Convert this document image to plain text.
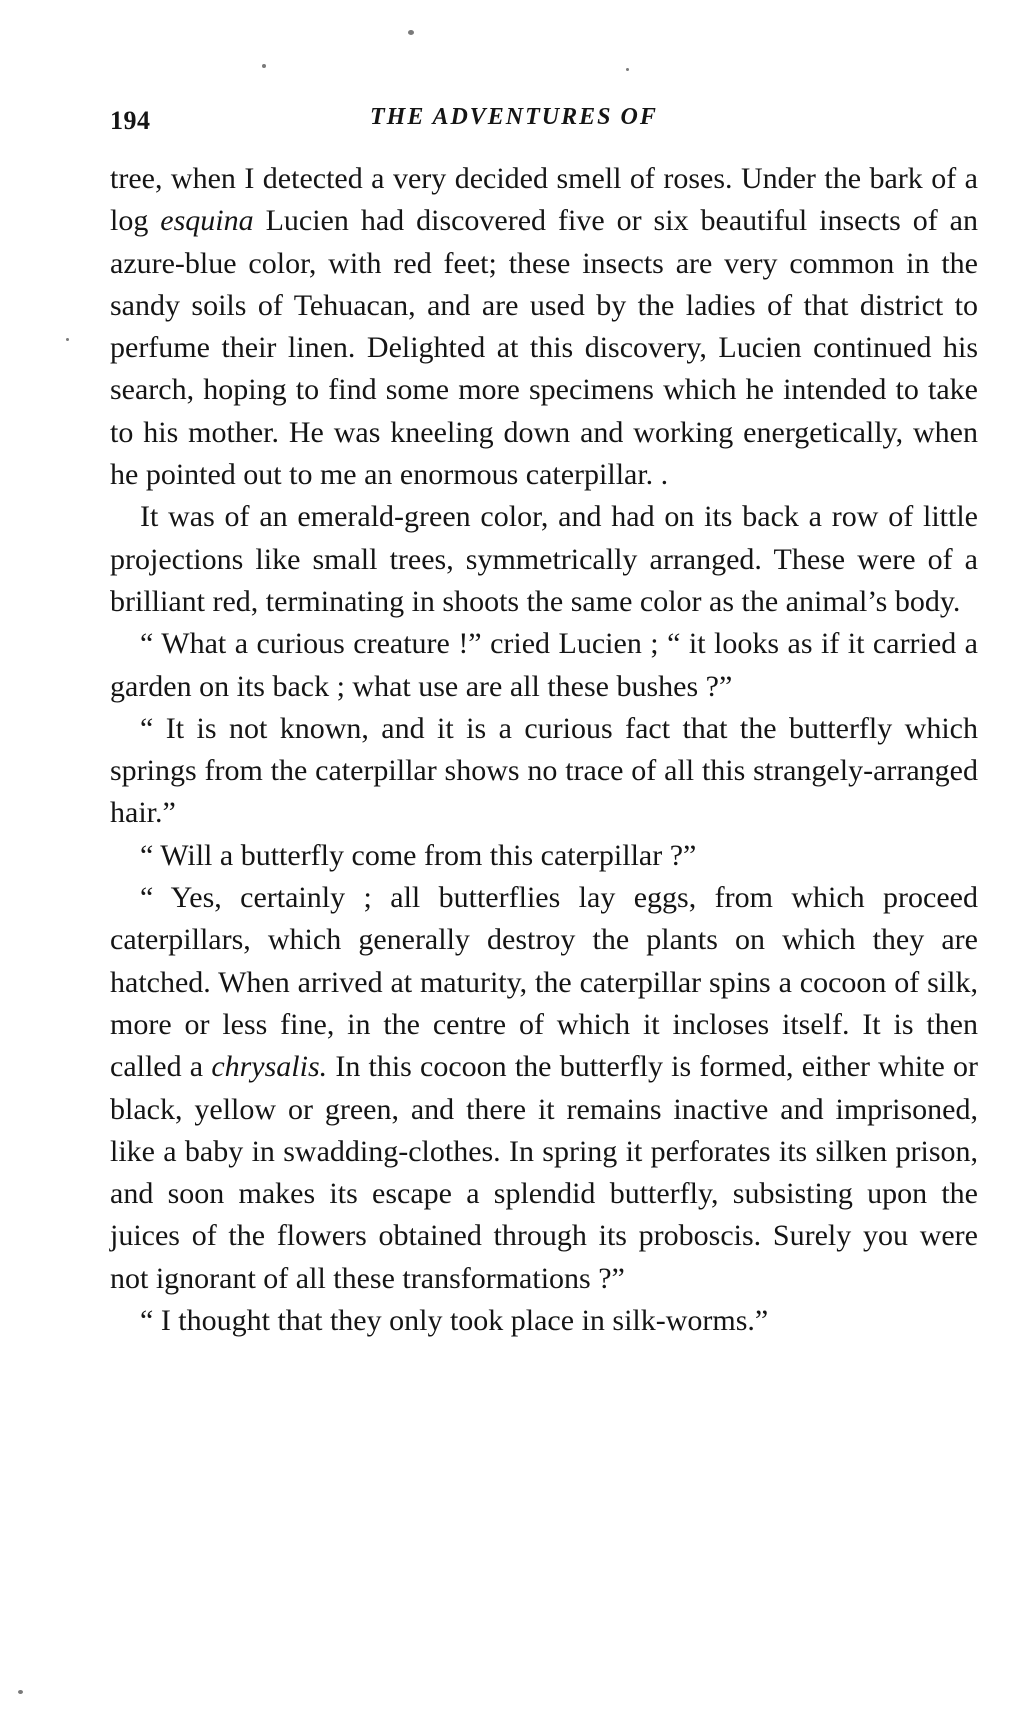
194	THE ADVENTURES OF

tree, when I detected a very decided smell of roses. Under the bark of a log esquina Lucien had discovered five or six beautiful insects of an azure-blue color, with red feet; these insects are very common in the sandy soils of Tehuacan, and are used by the ladies of that district to perfume their linen. Delighted at this discovery, Lucien continued his search, hoping to find some more specimens which he intended to take to his mother. He was kneeling down and working energetically, when he pointed out to me an enormous caterpillar. .

It was of an emerald-green color, and had on its back a row of little projections like small trees, symmetrically arranged. These were of a brilliant red, terminating in shoots the same color as the animal’s body.

“ What a curious creature !” cried Lucien ; “ it looks as if it carried a garden on its back ; what use are all these bushes ?”

“ It is not known, and it is a curious fact that the butterfly which springs from the caterpillar shows no trace of all this strangely-arranged hair.”

“ Will a butterfly come from this caterpillar ?”

“ Yes, certainly ; all butterflies lay eggs, from which proceed caterpillars, which generally destroy the plants on which they are hatched. When arrived at maturity, the caterpillar spins a cocoon of silk, more or less fine, in the centre of which it incloses itself. It is then called a chrysalis. In this cocoon the butterfly is formed, either white or black, yellow or green, and there it remains inactive and imprisoned, like a baby in swadding-clothes. In spring it perforates its silken prison, and soon makes its escape a splendid butterfly, subsisting upon the juices of the flowers obtained through its proboscis. Surely you were not ignorant of all these transformations ?”

“ I thought that they only took place in silk-worms.”
